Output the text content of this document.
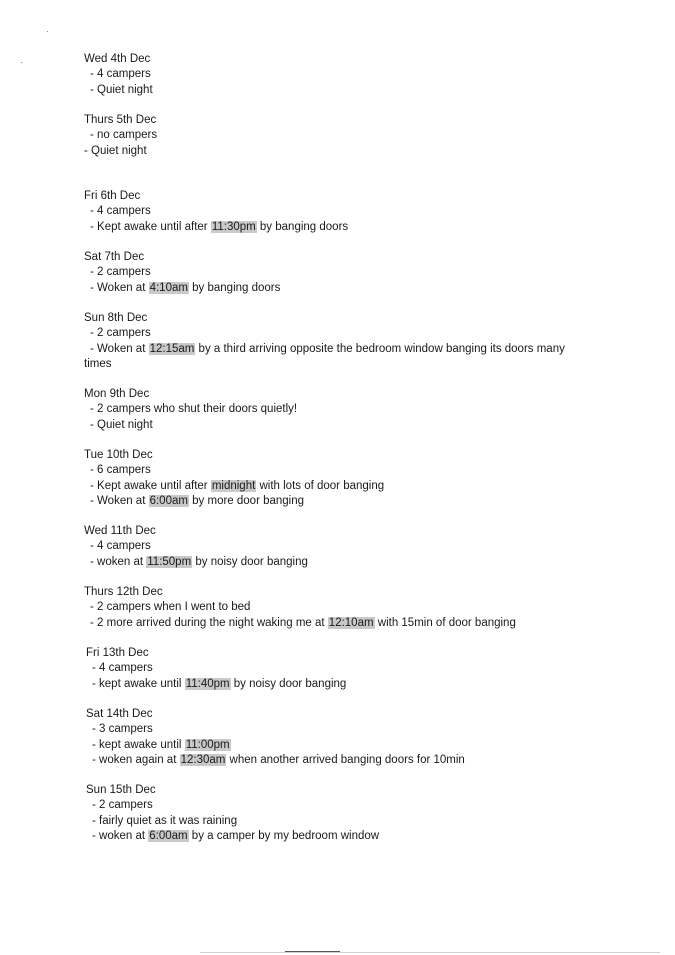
Wed 4th Dec
- 4 campers
- Quiet night
Thurs 5th Dec
- no campers
- Quiet night
Fri 6th Dec
- 4 campers
- Kept awake until after 11:30pm by banging doors
Sat 7th Dec
- 2 campers
- Woken at 4:10am by banging doors
Sun 8th Dec
- 2 campers
- Woken at 12:15am by a third arriving opposite the bedroom window banging its doors many
times
Mon 9th Dec
- 2 campers who shut their doors quietly!
- Quiet night
Tue 10th Dec
- 6 campers
- Kept awake until after midnight with lots of door banging
- Woken at 6:00am by more door banging
Wed 11th Dec
- 4 campers
- woken at 11:50pm by noisy door banging
Thurs 12th Dec
- 2 campers when I went to bed
- 2 more arrived during the night waking me at 12:10am with 15min of door banging
Fri 13th Dec
- 4 campers
- kept awake until 11:40pm by noisy door banging
Sat 14th Dec
- 3 campers
- kept awake until 11:00pm
- woken again at 12:30am when another arrived banging doors for 10min
Sun 15th Dec
- 2 campers
- fairly quiet as it was raining
- woken at 6:00am by a camper by my bedroom window
